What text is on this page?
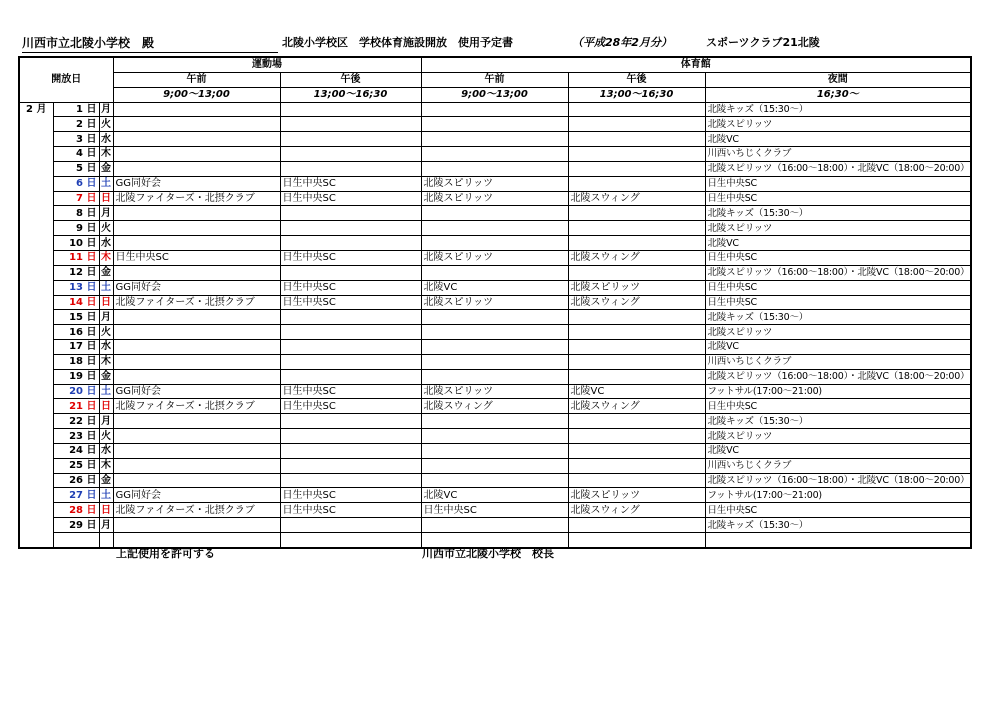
川西市立北陵小学校　殿	北陵小学校区　学校体育施設開放　使用予定書	（平成28年2月分）	スポーツクラブ21北陵
開放日			運動場		体育館		
			午前	午後	午前	午後	夜間
			9;00～13;00	13;00～16;30	9;00～13;00	13;00～16;30	16;30～
2 月	1 日	月					北陵キッズ（15:30～）
	2 日	火					北陵スピリッツ
	3 日	水					北陵VC
	4 日	木					川西いちじくクラブ
	5 日	金					北陵スピリッツ（16:00～18:00）・北陵VC（18:00～20:00）
	6 日	土	GG同好会	日生中央SC	北陵スピリッツ		日生中央SC
	7 日	日	北陵ファイターズ・北摂クラブ	日生中央SC	北陵スピリッツ	北陵スウィング	日生中央SC
	8 日	月					北陵キッズ（15:30～）
	9 日	火					北陵スピリッツ
	10 日	水					北陵VC
	11 日	木	日生中央SC	日生中央SC	北陵スピリッツ	北陵スウィング	日生中央SC
	12 日	金					北陵スピリッツ（16:00～18:00）・北陵VC（18:00～20:00）
	13 日	土	GG同好会	日生中央SC	北陵VC	北陵スピリッツ	日生中央SC
	14 日	日	北陵ファイターズ・北摂クラブ	日生中央SC	北陵スピリッツ	北陵スウィング	日生中央SC
	15 日	月					北陵キッズ（15:30～）
	16 日	火					北陵スピリッツ
	17 日	水					北陵VC
	18 日	木					川西いちじくクラブ
	19 日	金					北陵スピリッツ（16:00～18:00）・北陵VC（18:00～20:00）
	20 日	土	GG同好会	日生中央SC	北陵スピリッツ	北陵VC	フットサル(17:00～21:00)
	21 日	日	北陵ファイターズ・北摂クラブ	日生中央SC	北陵スウィング	北陵スウィング	日生中央SC
	22 日	月					北陵キッズ（15:30～）
	23 日	火					北陵スピリッツ
	24 日	水					北陵VC
	25 日	木					川西いちじくクラブ
	26 日	金					北陵スピリッツ（16:00～18:00）・北陵VC（18:00～20:00）
	27 日	土	GG同好会	日生中央SC	北陵VC	北陵スピリッツ	フットサル(17:00～21:00)
	28 日	日	北陵ファイターズ・北摂クラブ	日生中央SC	日生中央SC	北陵スウィング	日生中央SC
	29 日	月					北陵キッズ（15:30～）

上記使用を許可する	川西市立北陵小学校　校長
